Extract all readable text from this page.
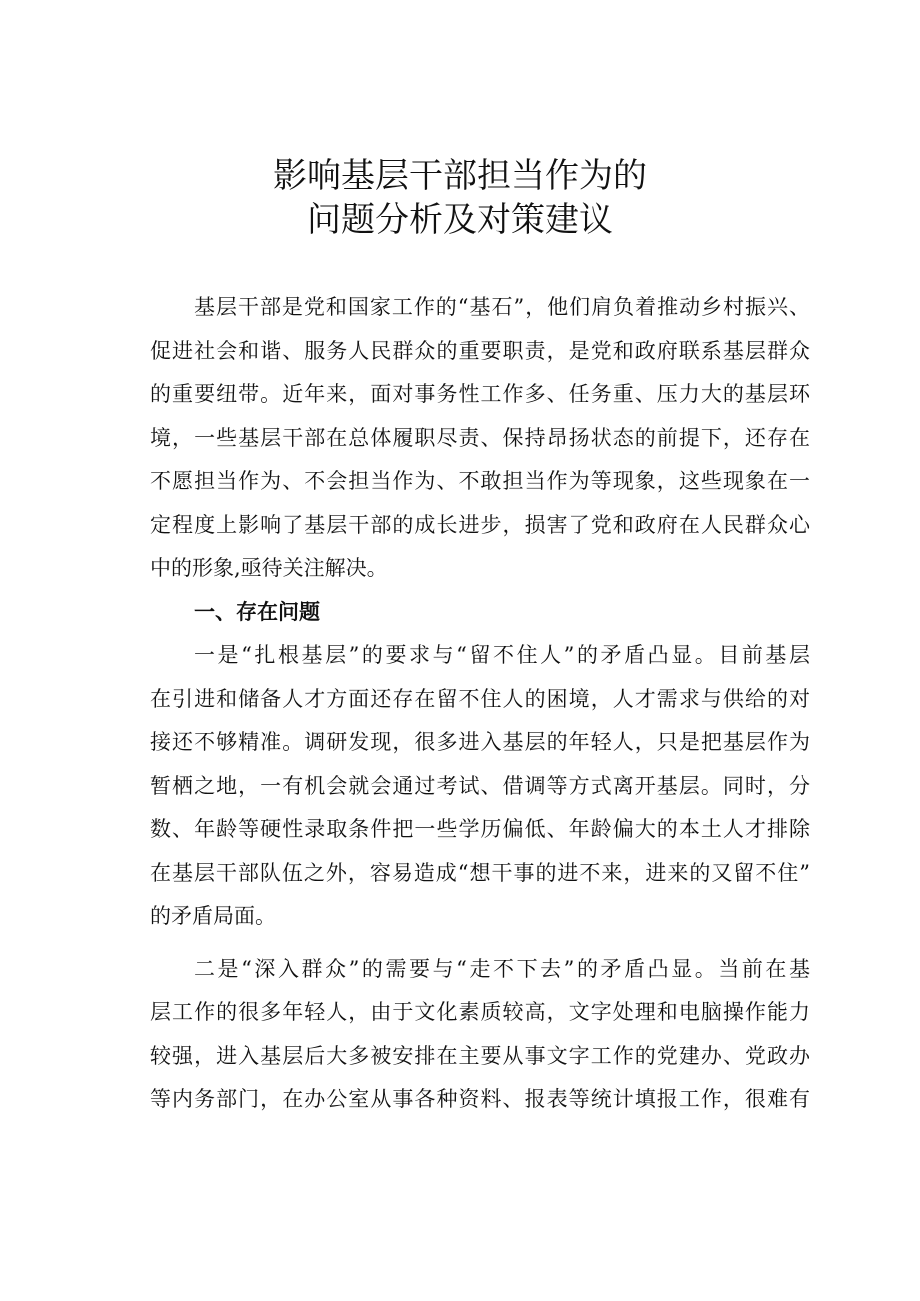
影响基层干部担当作为的
问题分析及对策建议
基层干部是党和国家工作的“基石”，他们肩负着推动乡村振兴、
促进社会和谐、服务人民群众的重要职责，是党和政府联系基层群众
的重要纽带。近年来，面对事务性工作多、任务重、压力大的基层环
境，一些基层干部在总体履职尽责、保持昂扬状态的前提下，还存在
不愿担当作为、不会担当作为、不敢担当作为等现象，这些现象在一
定程度上影响了基层干部的成长进步，损害了党和政府在人民群众心
中的形象,亟待关注解决。
一、存在问题
一是“扎根基层”的要求与“留不住人”的矛盾凸显。目前基层
在引进和储备人才方面还存在留不住人的困境，人才需求与供给的对
接还不够精准。调研发现，很多进入基层的年轻人，只是把基层作为
暂栖之地，一有机会就会通过考试、借调等方式离开基层。同时，分
数、年龄等硬性录取条件把一些学历偏低、年龄偏大的本土人才排除
在基层干部队伍之外，容易造成“想干事的进不来，进来的又留不住”
的矛盾局面。
二是“深入群众”的需要与“走不下去”的矛盾凸显。当前在基
层工作的很多年轻人，由于文化素质较高，文字处理和电脑操作能力
较强，进入基层后大多被安排在主要从事文字工作的党建办、党政办
等内务部门，在办公室从事各种资料、报表等统计填报工作，很难有
